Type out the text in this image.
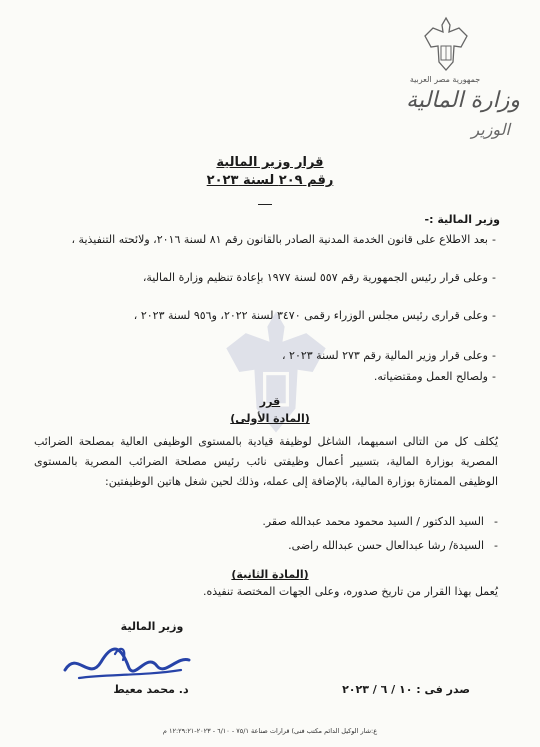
جمهورية مصر العربية
وزارة المالية
الوزير
قرار وزير المالية
رقم ٢٠٩ لسنة ٢٠٢٣
وزير المالية :-
-
بعد الاطلاع على قانون الخدمة المدنية الصادر بالقانون رقم ٨١ لسنة ٢٠١٦، ولائحته التنفيذية ،
-
وعلى قرار رئيس الجمهورية رقم ٥٥٧ لسنة ١٩٧٧ بإعادة تنظيم وزارة المالية،
-
وعلى قرارى رئيس مجلس الوزراء رقمى ٣٤٧٠ لسنة ٢٠٢٢، و٩٥٦ لسنة ٢٠٢٣ ،
-
وعلى قرار وزير المالية رقم ٢٧٣ لسنة ٢٠٢٣ ،
-
ولصالح العمل ومقتضياته.
قرر
(المادة الأولى)
يُكلف كل من التالى اسميهما، الشاغل لوظيفة قيادية بالمستوى الوظيفى العالية بمصلحة الضرائب المصرية بوزارة المالية، بتسيير أعمال وظيفتى نائب رئيس مصلحة الضرائب المصرية بالمستوى الوظيفى الممتازة بوزارة المالية، بالإضافة إلى عمله، وذلك لحين شغل هاتين الوظيفتين:
-
السيد الدكتور / السيد محمود محمد عبدالله صقر.
-
السيدة/ رشا عبدالعال حسن عبدالله راضى.
(المادة الثانية)
يُعمل بهذا القرار من تاريخ صدوره، وعلى الجهات المختصة تنفيذه.
وزير المالية
د. محمد معيط	صدر فى : ١٠ / ٦ / ٢٠٢٣
ع:شار الوكيل الدائم مكتب فنى) قرارات صناعة ٧٥/١ - ٦/١٠ - ٢٠٢٣-١٢:٢٩:٢١ م
